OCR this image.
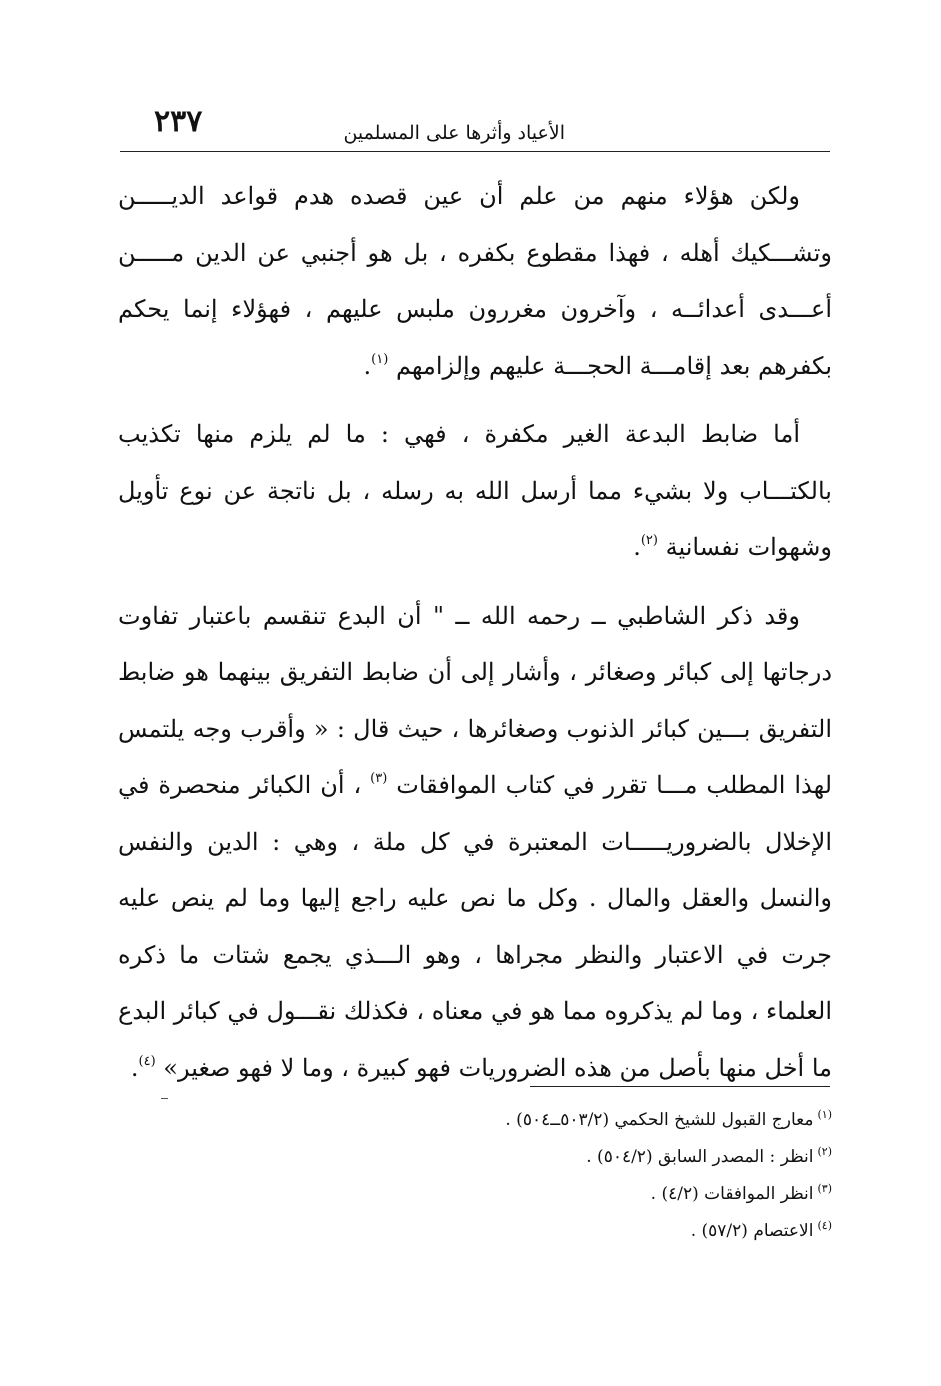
٢٣٧	الأعياد وأثرها على المسلمين

ولكن هؤلاء منهم من علم أن عين قصده هدم قواعد الديـــــن وتشـــكيك أهله ، فهذا مقطوع بكفره ، بل هو أجنبي عن الدين مـــــن أعـــدى أعدائــه ، وآخرون مغررون ملبس عليهم ، فهؤلاء إنما يحكم بكفرهم بعد إقامـــة الحجـــة عليهم وإلزامهم $^{(١)}$.

أما ضابط البدعة الغير مكفرة ، فهي : ما لم يلزم منها تكذيب بالكتـــاب ولا بشيء مما أرسل الله به رسله ، بل ناتجة عن نوع تأويل وشهوات نفسانية $^{(٢)}$.

وقد ذكر الشاطبي ــ رحمه الله ــ " أن البدع تنقسم باعتبار تفاوت درجاتها إلى كبائر وصغائر ، وأشار إلى أن ضابط التفريق بينهما هو ضابط التفريق بـــين كبائر الذنوب وصغائرها ، حيث قال : « وأقرب وجه يلتمس لهذا المطلب مـــا تقرر في كتاب الموافقات $^{(٣)}$ ، أن الكبائر منحصرة في الإخلال بالضروريـــــات المعتبرة في كل ملة ، وهي : الدين والنفس والنسل والعقل والمال . وكل ما نص عليه راجع إليها وما لم ينص عليه جرت في الاعتبار والنظر مجراها ، وهو الـــذي يجمع شتات ما ذكره العلماء ، وما لم يذكروه مما هو في معناه ، فكذلك نقـــول في كبائر البدع ما أخل منها بأصل من هذه الضروريات فهو كبيرة ، وما لا فهو صغير» $^{(٤)}$.

$^{(١)}$معارج القبول للشيخ الحكمي (٥٠٣/٢ــ٥٠٤) .

$^{(٢)}$انظر : المصدر السابق (٥٠٤/٢) .

$^{(٣)}$انظر الموافقات (٤/٢) .

$^{(٤)}$الاعتصام (٥٧/٢) .
